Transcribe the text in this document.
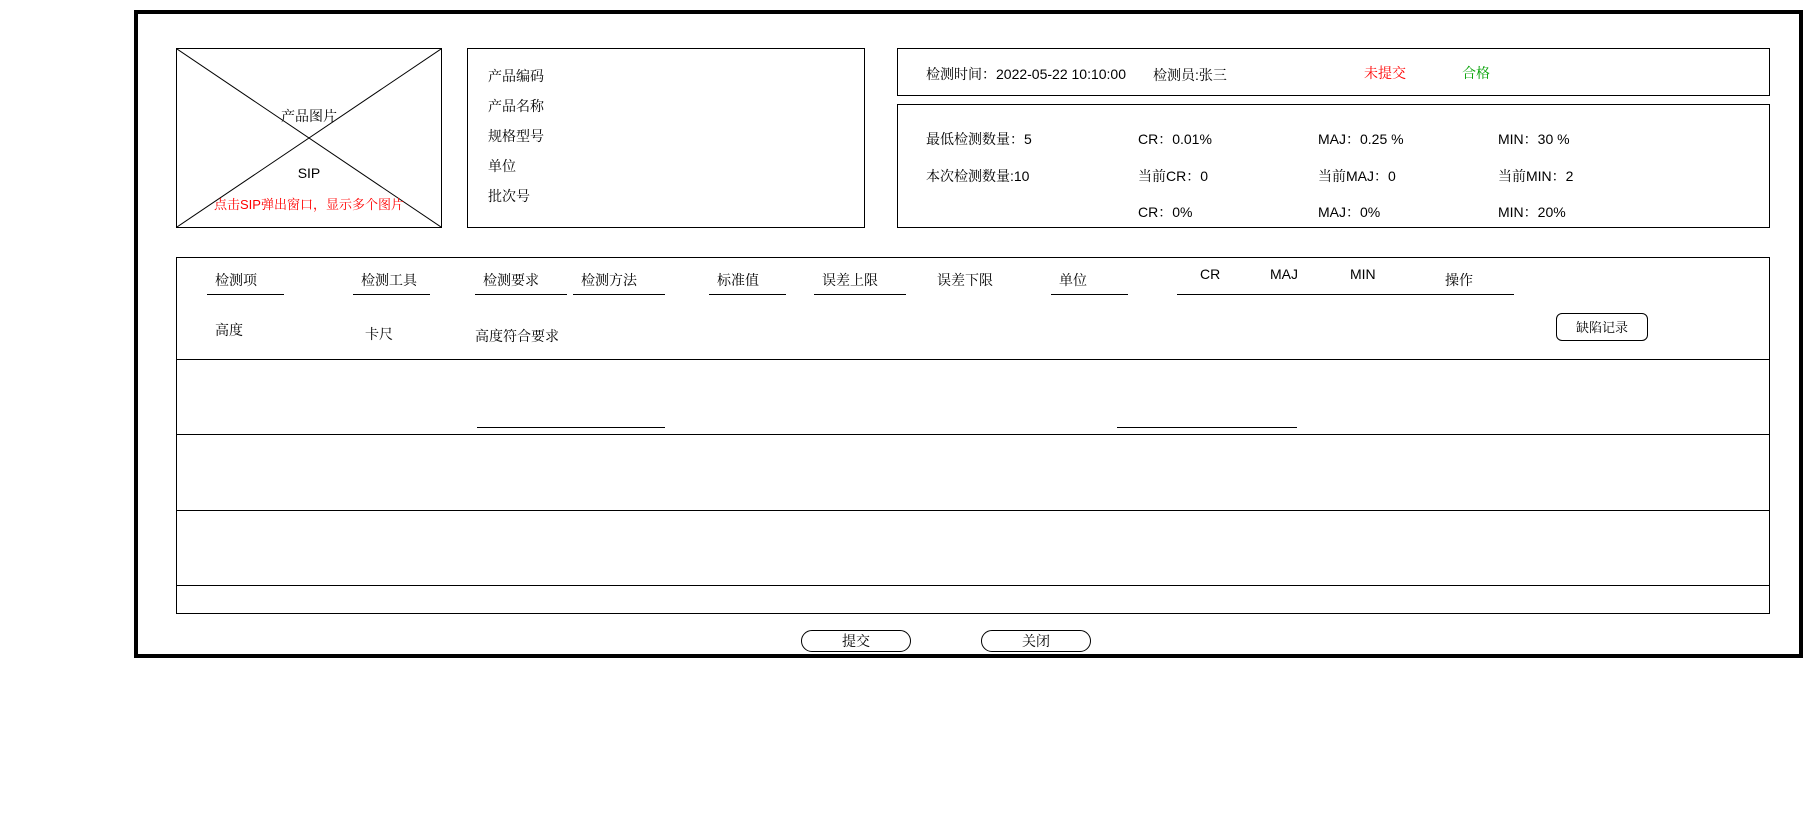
产品图片
SIP
点击SIP弹出窗口，显示多个图片
产品编码
产品名称
规格型号
单位
批次号
检测时间：2022-05-22 10:10:00 检测员:张三	未提交	合格
最低检测数量：5	CR：0.01%	MAJ：0.25 %	MIN：30 %
本次检测数量:10	当前CR：0	当前MAJ：0	当前MIN：2
CR：0%	MAJ：0%	MIN：20%
检测项	检测工具	检测要求	检测方法	标准值	误差上限	误差下限	单位	CR	MAJ	MIN	操作
高度	卡尺	高度符合要求
缺陷记录
提交	关闭
